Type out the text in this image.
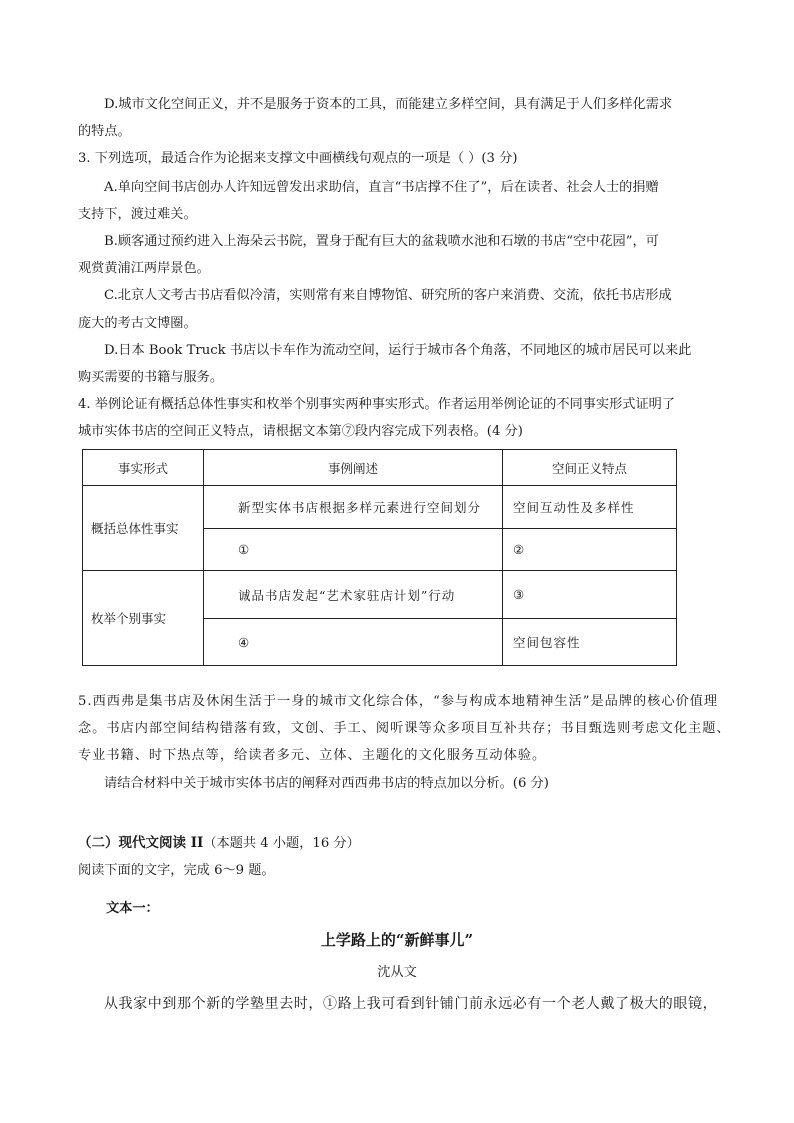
D.城市文化空间正义，并不是服务于资本的工具，而能建立多样空间，具有满足于人们多样化需求
的特点。
3. 下列选项，最适合作为论据来支撑文中画横线句观点的一项是（ ）(3 分)
A.单向空间书店创办人许知远曾发出求助信，直言“书店撑不住了”，后在读者、社会人士的捐赠
支持下，渡过难关。
B.顾客通过预约进入上海朵云书院，置身于配有巨大的盆栽喷水池和石墩的书店“空中花园”，可
观赏黄浦江两岸景色。
C.北京人文考古书店看似冷清，实则常有来自博物馆、研究所的客户来消费、交流，依托书店形成
庞大的考古文博圈。
D.日本 Book Truck 书店以卡车作为流动空间，运行于城市各个角落，不同地区的城市居民可以来此
购买需要的书籍与服务。
4. 举例论证有概括总体性事实和枚举个别事实两种事实形式。作者运用举例论证的不同事实形式证明了
城市实体书店的空间正义特点，请根据文本第⑦段内容完成下列表格。(4 分)
事实形式	事例阐述	空间正义特点
概括总体性事实	新型实体书店根据多样元素进行空间划分	空间互动性及多样性
	①	②
枚举个别事实	诚品书店发起“艺术家驻店计划”行动	③
	④	空间包容性
5.西西弗是集书店及休闲生活于一身的城市文化综合体，“参与构成本地精神生活”是品牌的核心价值理
念。书店内部空间结构错落有致，文创、手工、阅听课等众多项目互补共存；书目甄选则考虑文化主题、
专业书籍、时下热点等，给读者多元、立体、主题化的文化服务互动体验。
请结合材料中关于城市实体书店的阐释对西西弗书店的特点加以分析。(6 分)
（二）现代文阅读 II（本题共 4 小题，16 分）
阅读下面的文字，完成 6～9 题。
文本一：
上学路上的“新鲜事儿”
沈从文
从我家中到那个新的学塾里去时，①路上我可看到针铺门前永远必有一个老人戴了极大的眼镜，
